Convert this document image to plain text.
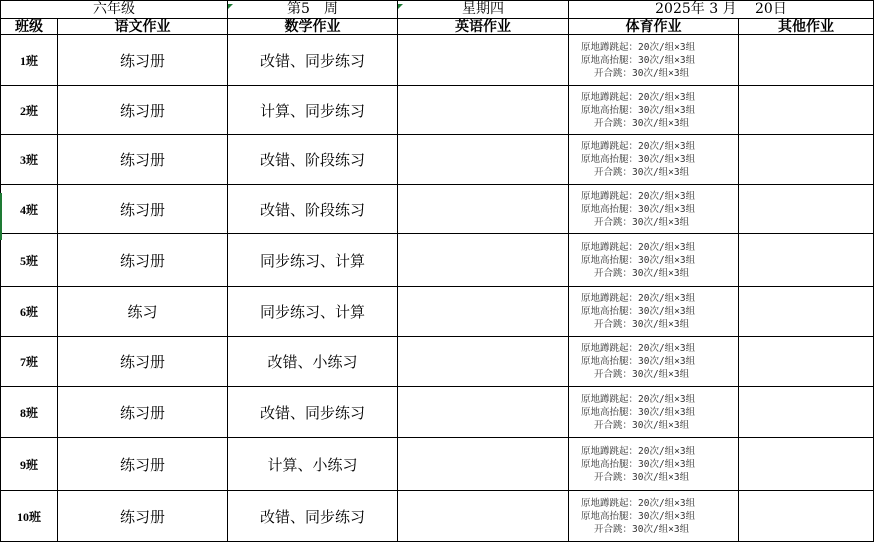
六年级		第5　周	星期四	2025年 3 月　 20日	
班级	语文作业	数学作业	英语作业	体育作业	其他作业
1班	练习册	改错、同步练习		原地蹲跳起：20次/组×3组
原地高抬腿：30次/组×3组
开合跳：30次/组×3组	

2班	练习册	计算、同步练习		原地蹲跳起：20次/组×3组
原地高抬腿：30次/组×3组
开合跳：30次/组×3组	

3班	练习册	改错、阶段练习		原地蹲跳起：20次/组×3组
原地高抬腿：30次/组×3组
开合跳：30次/组×3组	

4班	练习册	改错、阶段练习		原地蹲跳起：20次/组×3组
原地高抬腿：30次/组×3组
开合跳：30次/组×3组	

5班	练习册	同步练习、计算		原地蹲跳起：20次/组×3组
原地高抬腿：30次/组×3组
开合跳：30次/组×3组	

6班	练习	同步练习、计算		原地蹲跳起：20次/组×3组
原地高抬腿：30次/组×3组
开合跳：30次/组×3组	

7班	练习册	改错、小练习		原地蹲跳起：20次/组×3组
原地高抬腿：30次/组×3组
开合跳：30次/组×3组	

8班	练习册	改错、同步练习		原地蹲跳起：20次/组×3组
原地高抬腿：30次/组×3组
开合跳：30次/组×3组	

9班	练习册	计算、小练习		原地蹲跳起：20次/组×3组
原地高抬腿：30次/组×3组
开合跳：30次/组×3组	

10班	练习册	改错、同步练习		原地蹲跳起：20次/组×3组
原地高抬腿：30次/组×3组
开合跳：30次/组×3组	
